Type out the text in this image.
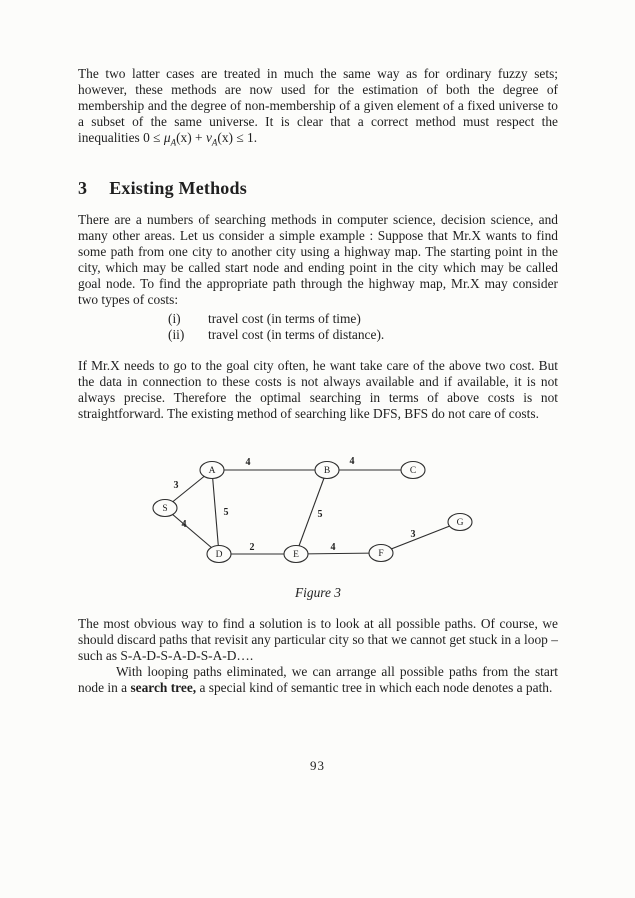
The two latter cases are treated in much the same way as for ordinary fuzzy sets; however, these methods are now used for the estimation of both the degree of membership and the degree of non-membership of a given element of a fixed universe to a subset of the same universe. It is clear that a correct method must respect the inequalities $0 \le \mu_A(x) + v_A(x) \le 1$.

3 Existing Methods

There are a numbers of searching methods in computer science, decision science, and many other areas. Let us consider a simple example : Suppose that Mr.X wants to find some path from one city to another city using a highway map. The starting point in the city, which may be called start node and ending point in the city which may be called goal node. To find the appropriate path through the highway map, Mr.X may consider two types of costs:

(i) travel cost (in terms of time)
(ii) travel cost (in terms of distance).

If Mr.X needs to go to the goal city often, he want take care of the above two cost. But the data in connection to these costs is not always available and if available, it is not always precise. Therefore the optimal searching in terms of above costs is not straightforward. The existing method of searching like DFS, BFS do not care of costs.

S
A	B	C
D	E	F
G
3
4
4
5
4
5
2	4
3
Figure 3

The most obvious way to find a solution is to look at all possible paths. Of course, we should discard paths that revisit any particular city so that we cannot get stuck in a loop – such as S-A-D-S-A-D-S-A-D….

With looping paths eliminated, we can arrange all possible paths from the start node in a search tree, a special kind of semantic tree in which each node denotes a path.

93
